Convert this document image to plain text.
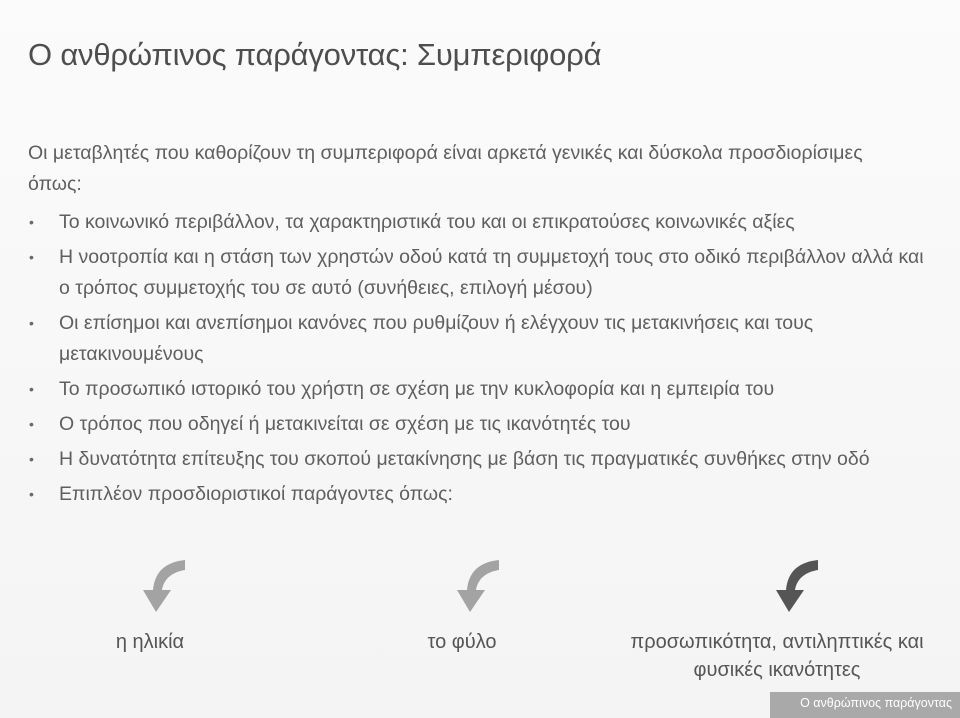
Ο ανθρώπινος παράγοντας: Συμπεριφορά
Οι μεταβλητές που καθορίζουν τη συμπεριφορά είναι αρκετά γενικές και δύσκολα προσδιορίσιμες όπως:
• Το κοινωνικό περιβάλλον, τα χαρακτηριστικά του και οι επικρατούσες κοινωνικές αξίες
• Η νοοτροπία και η στάση των χρηστών οδού κατά τη συμμετοχή τους στο οδικό περιβάλλον αλλά και ο τρόπος συμμετοχής του σε αυτό (συνήθειες, επιλογή μέσου)
• Οι επίσημοι και ανεπίσημοι κανόνες που ρυθμίζουν ή ελέγχουν τις μετακινήσεις και τους μετακινουμένους
• Το προσωπικό ιστορικό του χρήστη σε σχέση με την κυκλοφορία και η εμπειρία του
• Ο τρόπος που οδηγεί ή μετακινείται σε σχέση με τις ικανότητές του
• Η δυνατότητα επίτευξης του σκοπού μετακίνησης με βάση τις πραγματικές συνθήκες στην οδό
• Επιπλέον προσδιοριστικοί παράγοντες όπως:
η ηλικία	το φύλο	προσωπικότητα, αντιληπτικές και φυσικές ικανότητες
Ο ανθρώπινος παράγοντας
